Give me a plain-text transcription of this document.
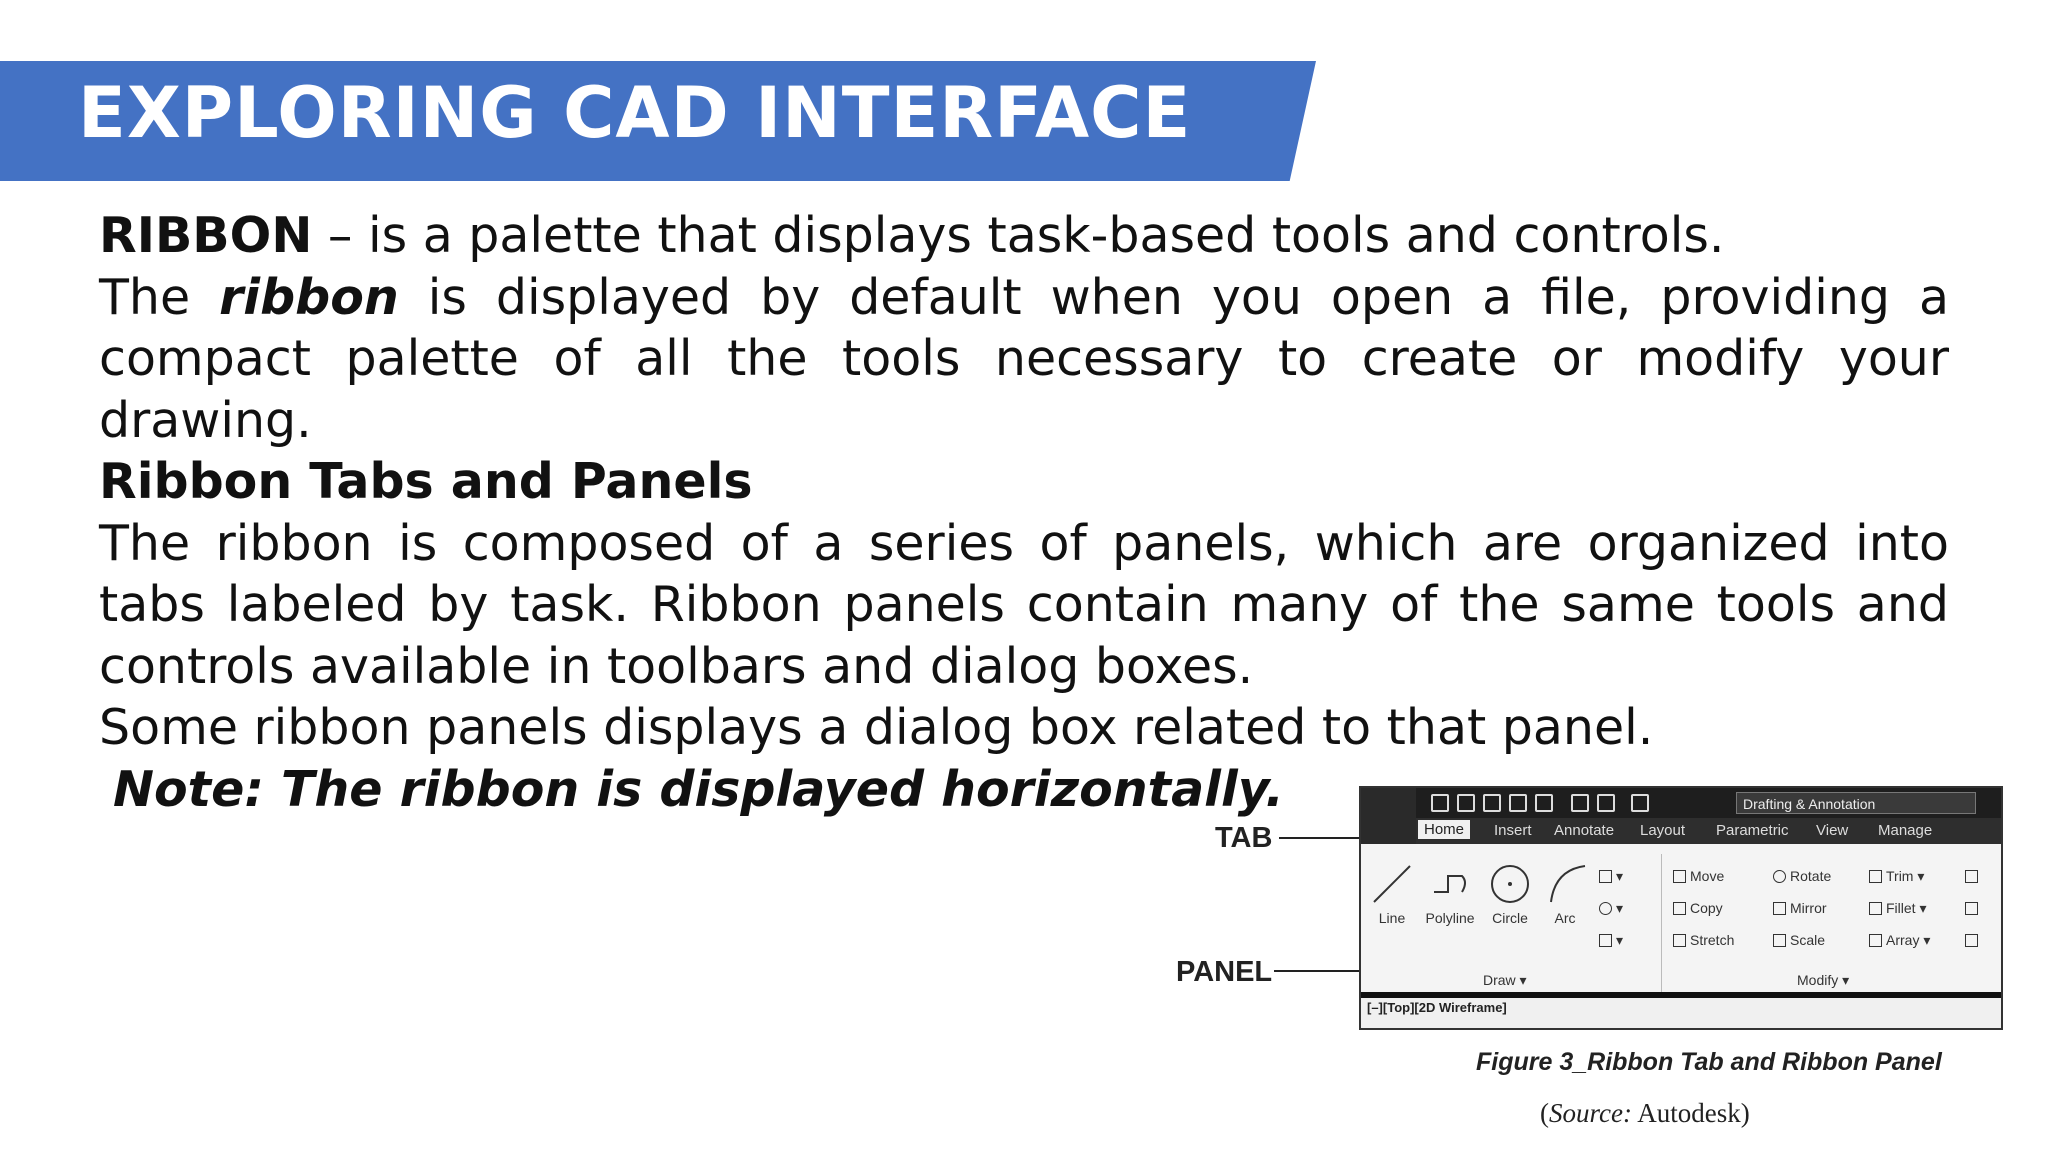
EXPLORING CAD INTERFACE

RIBBON – is a palette that displays task-based tools and controls.

The ribbon is displayed by default when you open a file, providing a compact palette of all the tools necessary to create or modify your drawing.

Ribbon Tabs and Panels

The ribbon is composed of a series of panels, which are organized into tabs labeled by task. Ribbon panels contain many of the same tools and controls available in toolbars and dialog boxes.

Some ribbon panels displays a dialog box related to that panel.

Note: The ribbon is displayed horizontally.

TAB
PANEL
Drafting & Annotation
Home	Insert Annotate Layout Parametric View Manage
Line	Polyline	Circle	Arc
▾
▾
▾
Move	Rotate	Trim ▾
Copy	Mirror	Fillet ▾
Stretch	Scale	Array ▾
Draw ▾	Modify ▾
[–][Top][2D Wireframe]
Figure 3_Ribbon Tab and Ribbon Panel
(Source: Autodesk)
